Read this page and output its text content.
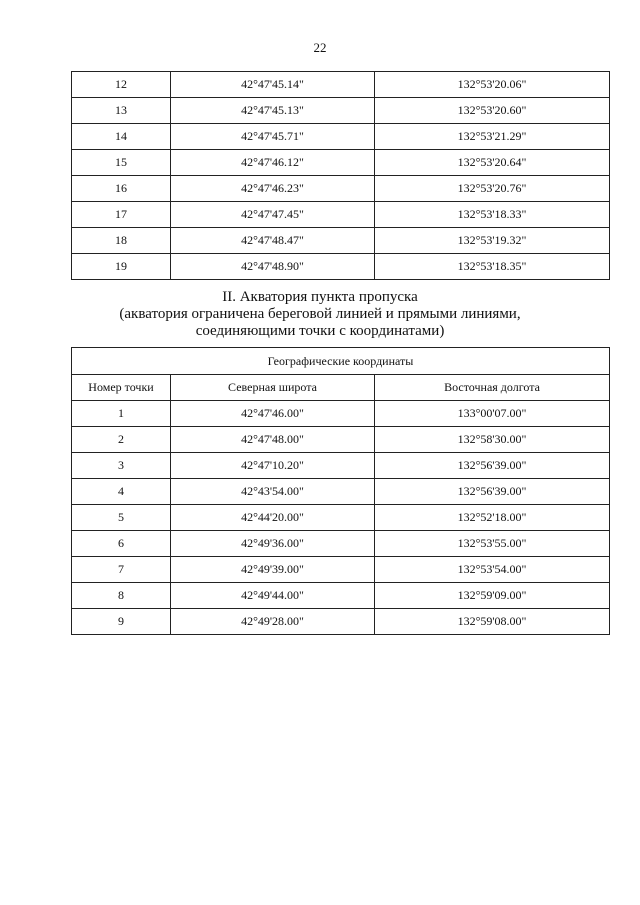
22
12	42°47'45.14"	132°53'20.06"
13	42°47'45.13"	132°53'20.60"
14	42°47'45.71"	132°53'21.29"
15	42°47'46.12"	132°53'20.64"
16	42°47'46.23"	132°53'20.76"
17	42°47'47.45"	132°53'18.33"
18	42°47'48.47"	132°53'19.32"
19	42°47'48.90"	132°53'18.35"
II. Акватория пункта пропуска
(акватория ограничена береговой линией и прямыми линиями,
соединяющими точки с координатами)
Географические координаты		
Номер точки	Северная широта	Восточная долгота
1	42°47'46.00"	133°00'07.00"
2	42°47'48.00"	132°58'30.00"
3	42°47'10.20"	132°56'39.00"
4	42°43'54.00"	132°56'39.00"
5	42°44'20.00"	132°52'18.00"
6	42°49'36.00"	132°53'55.00"
7	42°49'39.00"	132°53'54.00"
8	42°49'44.00"	132°59'09.00"
9	42°49'28.00"	132°59'08.00"
